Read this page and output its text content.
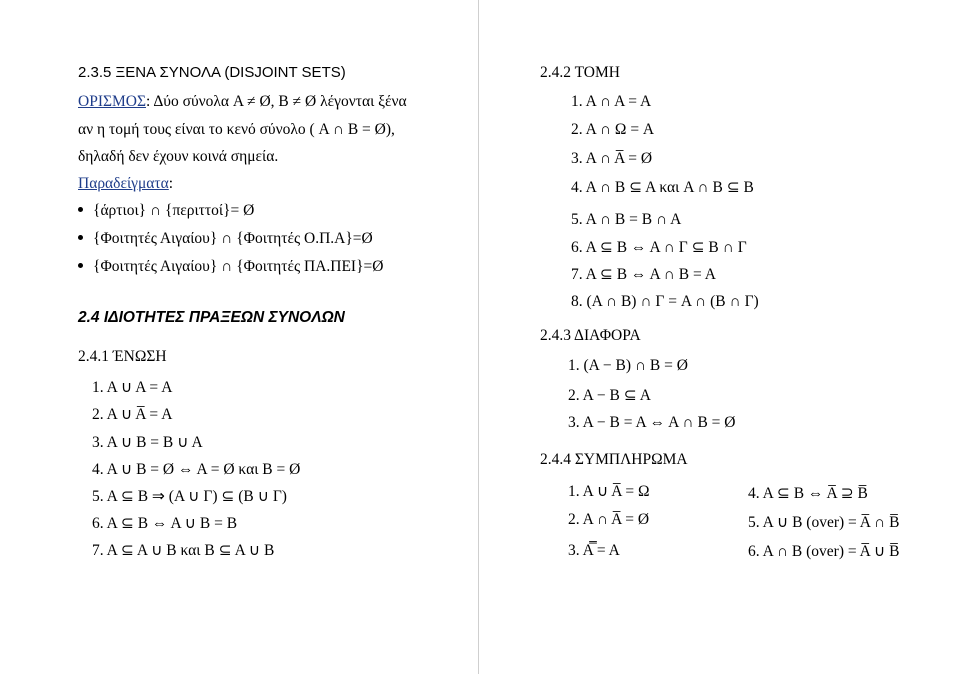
2.3.5 ΞΕΝΑ ΣΥΝΟΛΑ (DISJOINT SETS)
ΟΡΙΣΜΟΣ: Δύο σύνολα A ≠ Ø, B ≠ Ø λέγονται ξένα
αν η τομή τους είναι το κενό σύνολο ( A ∩ B = Ø),
δηλαδή δεν έχουν κοινά σημεία.
Παραδείγματα:
{άρτιοι} ∩ {περιττοί}= Ø
{Φοιτητές Αιγαίου} ∩ {Φοιτητές Ο.Π.Α}=Ø
{Φοιτητές Αιγαίου} ∩ {Φοιτητές ΠΑ.ΠΕΙ}=Ø
2.4 ΙΔΙΟΤΗΤΕΣ ΠΡΑΞΕΩΝ ΣΥΝΟΛΩΝ
2.4.1 ΈΝΩΣΗ
1. A ∪ A = A
2. A ∪ A̅ = A
3. A ∪ B = B ∪ A
4. A ∪ B = Ø ⇔ A = Ø και B = Ø
5. A ⊆ B ⇒ (A ∪ Γ) ⊆ (B ∪ Γ)
6. A ⊆ B ⇔ A ∪ B = B
7. A ⊆ A ∪ B και B ⊆ A ∪ B
2.4.2 ΤΟΜΗ
1. A ∩ A = A
2. A ∩ Ω = A
3. A ∩ A̅ = Ø
4. A ∩ B ⊆ A και A ∩ B ⊆ B
5. A ∩ B = B ∩ A
6. A ⊆ B ⇔ A ∩ Γ ⊆ B ∩ Γ
7. A ⊆ B ⇔ A ∩ B = A
8. (A ∩ B) ∩ Γ = A ∩ (B ∩ Γ)
2.4.3 ΔΙΑΦΟΡΑ
1. (A − B) ∩ B = Ø
2. A − B ⊆ A
3. A − B = A ⇔ A ∩ B = Ø
2.4.4 ΣΥΜΠΛΗΡΩΜΑ
1. A ∪ A̅ = Ω
2. A ∩ A̅ = Ø
3. A̿ = A
4. A ⊆ B ⇔ A̅ ⊇ B̅
5. A ∪ B (over) = A̅ ∩ B̅
6. A ∩ B (over) = A̅ ∪ B̅
